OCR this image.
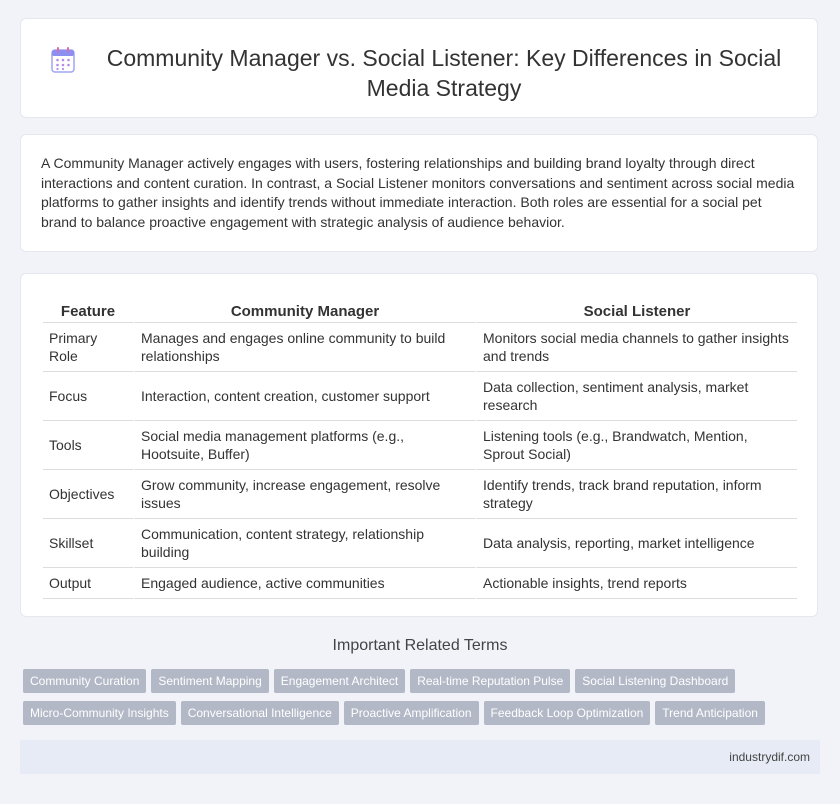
Community Manager vs. Social Listener: Key Differences in Social Media Strategy

A Community Manager actively engages with users, fostering relationships and building brand loyalty through direct interactions and content curation. In contrast, a Social Listener monitors conversations and sentiment across social media platforms to gather insights and identify trends without immediate interaction. Both roles are essential for a social pet brand to balance proactive engagement with strategic analysis of audience behavior.

Feature	Community Manager	Social Listener
Primary Role	Manages and engages online community to build relationships	Monitors social media channels to gather insights and trends
Focus	Interaction, content creation, customer support	Data collection, sentiment analysis, market research
Tools	Social media management platforms (e.g., Hootsuite, Buffer)	Listening tools (e.g., Brandwatch, Mention, Sprout Social)
Objectives	Grow community, increase engagement, resolve issues	Identify trends, track brand reputation, inform strategy
Skillset	Communication, content strategy, relationship building	Data analysis, reporting, market intelligence
Output	Engaged audience, active communities	Actionable insights, trend reports
Important Related Terms
Community Curation Sentiment Mapping Engagement Architect Real-time Reputation Pulse Social Listening Dashboard
Micro-Community Insights Conversational Intelligence Proactive Amplification Feedback Loop Optimization Trend Anticipation
industrydif.com
